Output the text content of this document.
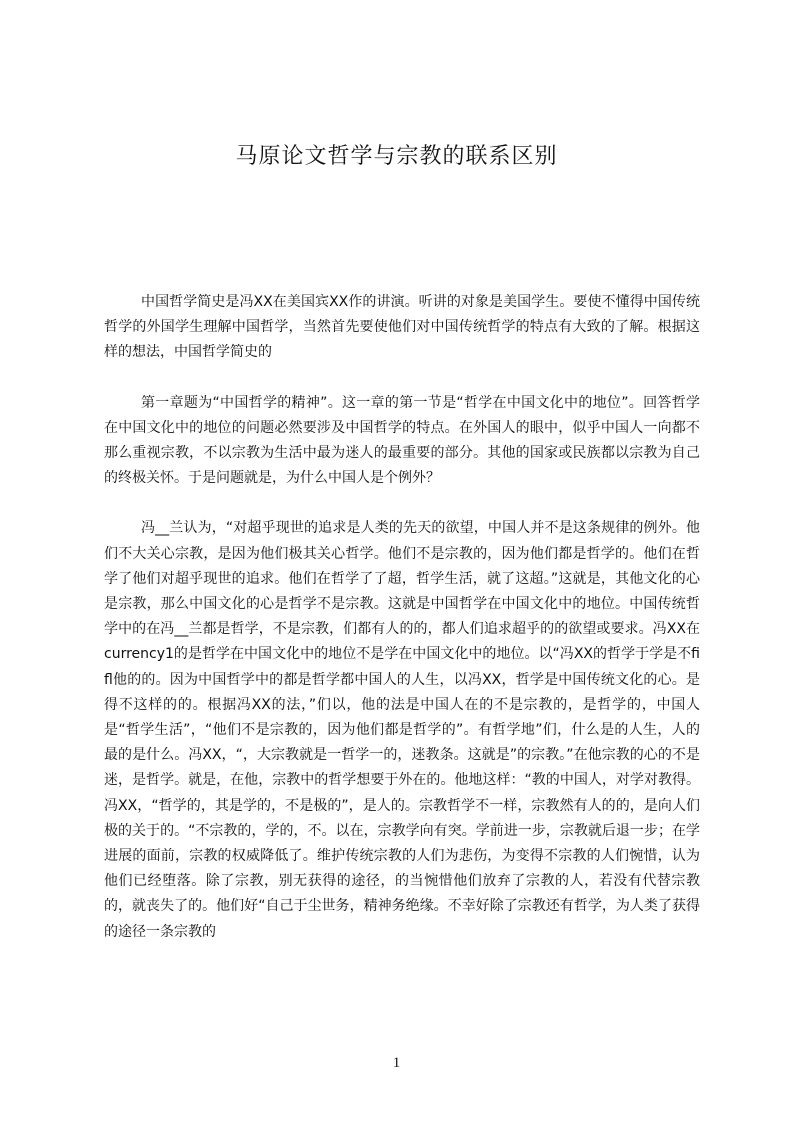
马原论文哲学与宗教的联系区别

中国哲学简史是冯XX在美国宾XX作的讲演。听讲的对象是美国学生。要使不懂得中国传统哲学的外国学生理解中国哲学，当然首先要使他们对中国传统哲学的特点有大致的了解。根据这样的想法，中国哲学简史的

第一章题为“中国哲学的精神”。这一章的第一节是“哲学在中国文化中的地位”。回答哲学在中国文化中的地位的问题必然要涉及中国哲学的特点。在外国人的眼中，似乎中国人一向都不那么重视宗教，不以宗教为生活中最为迷人的最重要的部分。其他的国家或民族都以宗教为自己的终极关怀。于是问题就是，为什么中国人是个例外？

冯__兰认为，“对超乎现世的追求是人类的先天的欲望，中国人并不是这条规律的例外。他们不大关心宗教，是因为他们极其关心哲学。他们不是宗教的，因为他们都是哲学的。他们在哲学了他们对超乎现世的追求。他们在哲学了了超，哲学生活，就了这超。”这就是，其他文化的心是宗教，那么中国文化的心是哲学不是宗教。这就是中国哲学在中国文化中的地位。中国传统哲学中的在冯__兰都是哲学，不是宗教，们都有人的的，都人们追求超乎的的欲望或要求。冯XX在currency1的是哲学在中国文化中的地位不是学在中国文化中的地位。以“冯XX的哲学于学是不fifl他的的。因为中国哲学中的都是哲学都中国人的人生，以冯XX，哲学是中国传统文化的心。是得不这样的的。根据冯XX的法，”们以，他的法是中国人在的不是宗教的，是哲学的，中国人是“哲学生活”，“他们不是宗教的，因为他们都是哲学的”。有哲学地”们，什么是的人生，人的最的是什么。冯XX，“，大宗教就是一哲学一的，迷教条。这就是”的宗教。”在他宗教的心的不是迷，是哲学。就是，在他，宗教中的哲学想要于外在的。他地这样：“教的中国人，对学对教得。冯XX，“哲学的，其是学的，不是极的”，是人的。宗教哲学不一样，宗教然有人的的，是向人们极的关于的。“不宗教的，学的，不。以在，宗教学向有突。学前进一步，宗教就后退一步；在学进展的面前，宗教的权威降低了。维护传统宗教的人们为悲伤，为变得不宗教的人们惋惜，认为他们已经堕落。除了宗教，别无获得的途径，的当惋惜他们放弃了宗教的人，若没有代替宗教的，就丧失了的。他们好“自己于尘世务，精神务绝缘。不幸好除了宗教还有哲学，为人类了获得的途径一条宗教的

1
